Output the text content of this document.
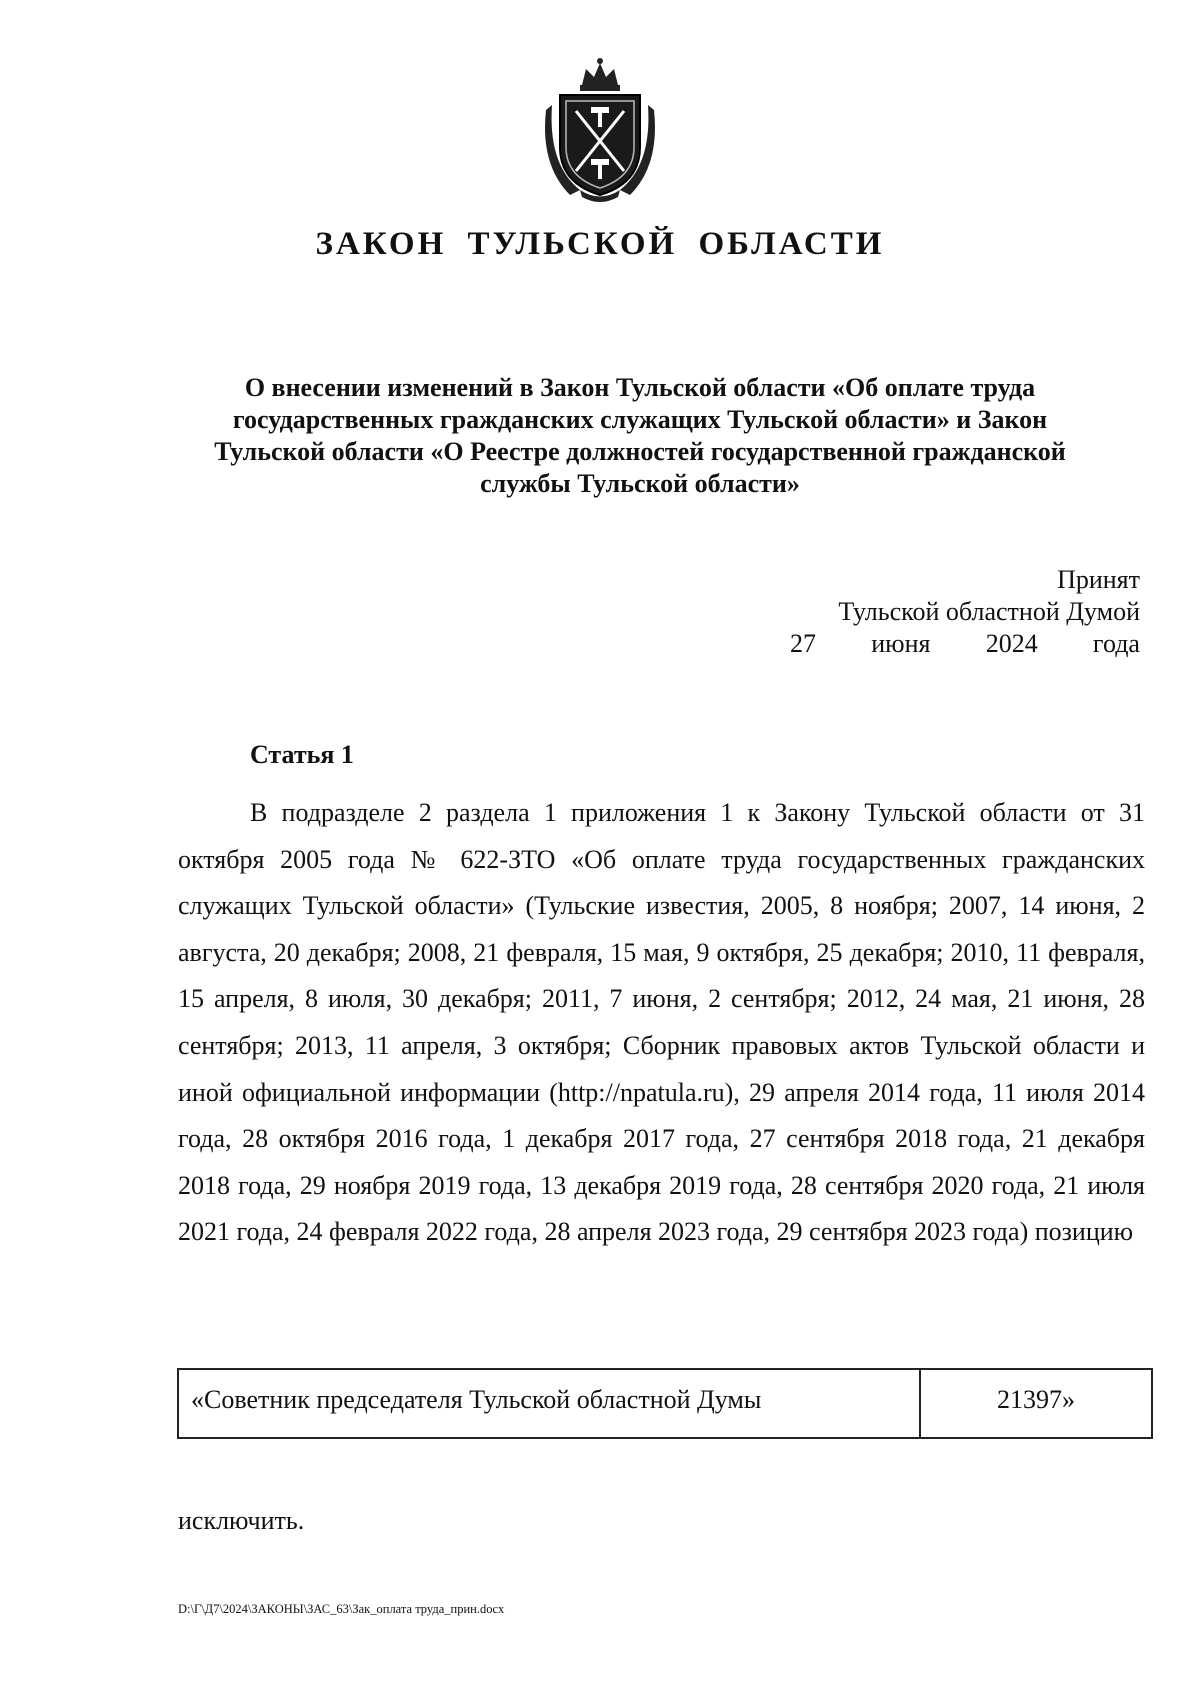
ЗАКОН ТУЛЬСКОЙ ОБЛАСТИ
О внесении изменений в Закон Тульской области «Об оплате труда государственных гражданских служащих Тульской области» и Закон Тульской области «О Реестре должностей государственной гражданской службы Тульской области»
Принят
Тульской областной Думой
27 июня 2024 года
Статья 1
В подразделе 2 раздела 1 приложения 1 к Закону Тульской области от 31 октября 2005 года № 622-ЗТО «Об оплате труда государственных гражданских служащих Тульской области» (Тульские известия, 2005, 8 ноября; 2007, 14 июня, 2 августа, 20 декабря; 2008, 21 февраля, 15 мая, 9 октября, 25 декабря; 2010, 11 февраля, 15 апреля, 8 июля, 30 декабря; 2011, 7 июня, 2 сентября; 2012, 24 мая, 21 июня, 28 сентября; 2013, 11 апреля, 3 октября; Сборник правовых актов Тульской области и иной официальной информации (http://npatula.ru), 29 апреля 2014 года, 11 июля 2014 года, 28 октября 2016 года, 1 декабря 2017 года, 27 сентября 2018 года, 21 декабря 2018 года, 29 ноября 2019 года, 13 декабря 2019 года, 28 сентября 2020 года, 21 июля 2021 года, 24 февраля 2022 года, 28 апреля 2023 года, 29 сентября 2023 года) позицию
«Советник председателя Тульской областной Думы	21397»
исключить.
D:\Г\Д7\2024\ЗАКОНЫ\ЗАС_63\Зак_оплата труда_прин.docx
